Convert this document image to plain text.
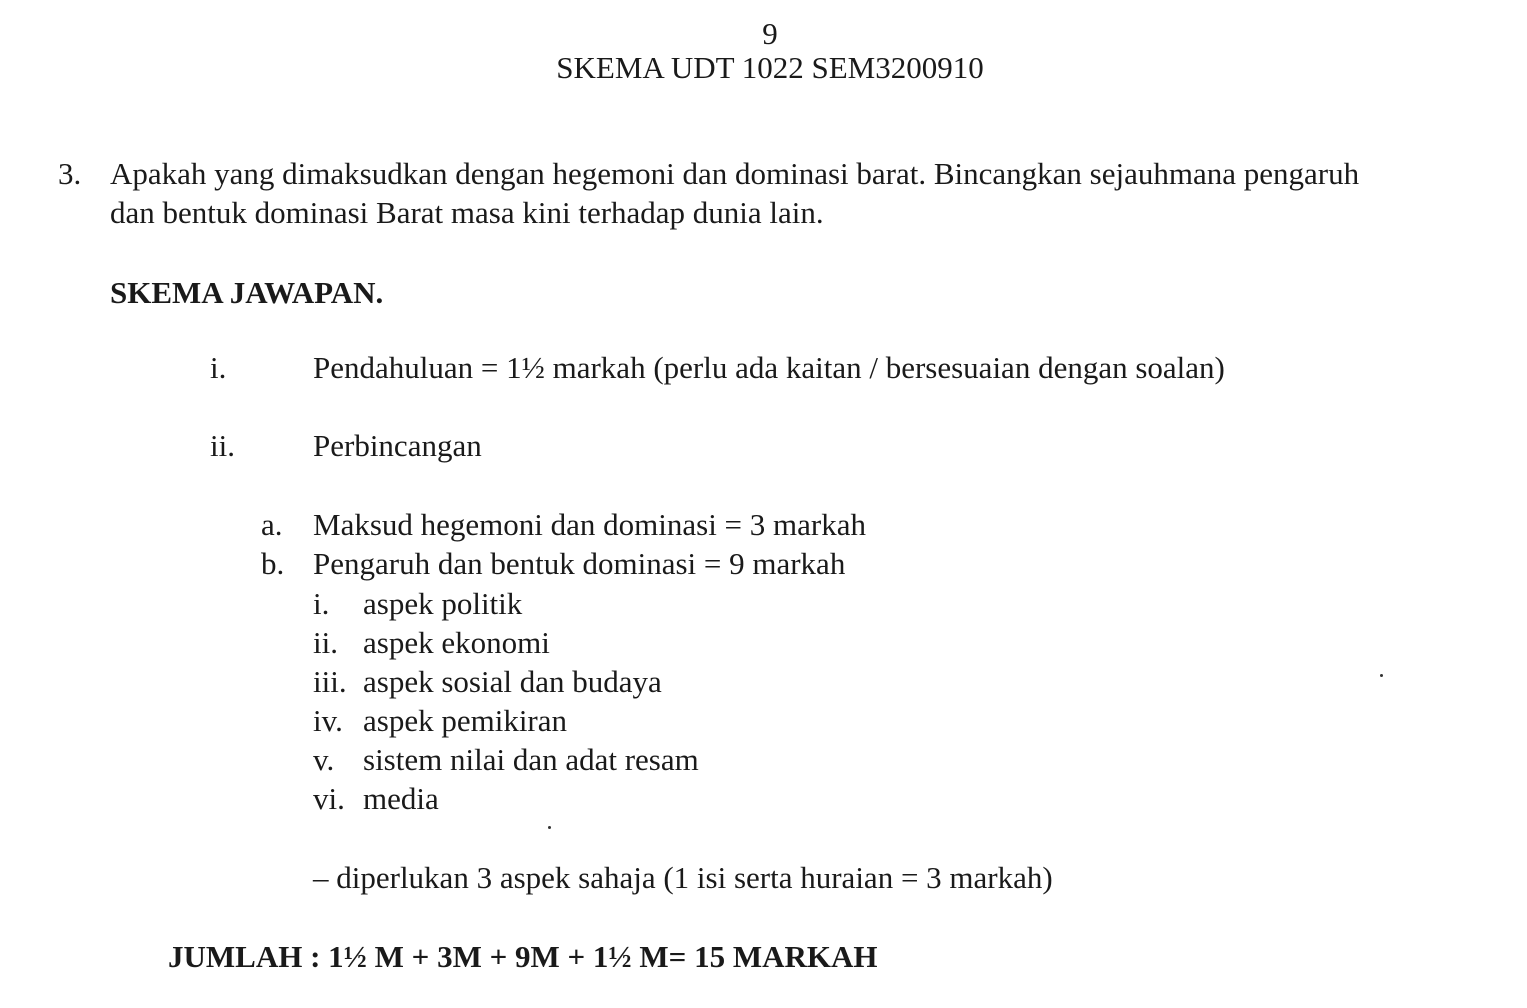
9
SKEMA UDT 1022 SEM3200910
3. Apakah yang dimaksudkan dengan hegemoni dan dominasi barat. Bincangkan sejauhmana pengaruh
dan bentuk dominasi Barat masa kini terhadap dunia lain.
SKEMA JAWAPAN.
i.	Pendahuluan = 1½ markah (perlu ada kaitan / bersesuaian dengan soalan)
ii.	Perbincangan
a. Maksud hegemoni dan dominasi = 3 markah
b. Pengaruh dan bentuk dominasi = 9 markah
i. aspek politik
ii. aspek ekonomi
iii. aspek sosial dan budaya
iv. aspek pemikiran
v. sistem nilai dan adat resam
vi. media
– diperlukan 3 aspek sahaja (1 isi serta huraian = 3 markah)
JUMLAH : 1½ M + 3M + 9M + 1½ M= 15 MARKAH
